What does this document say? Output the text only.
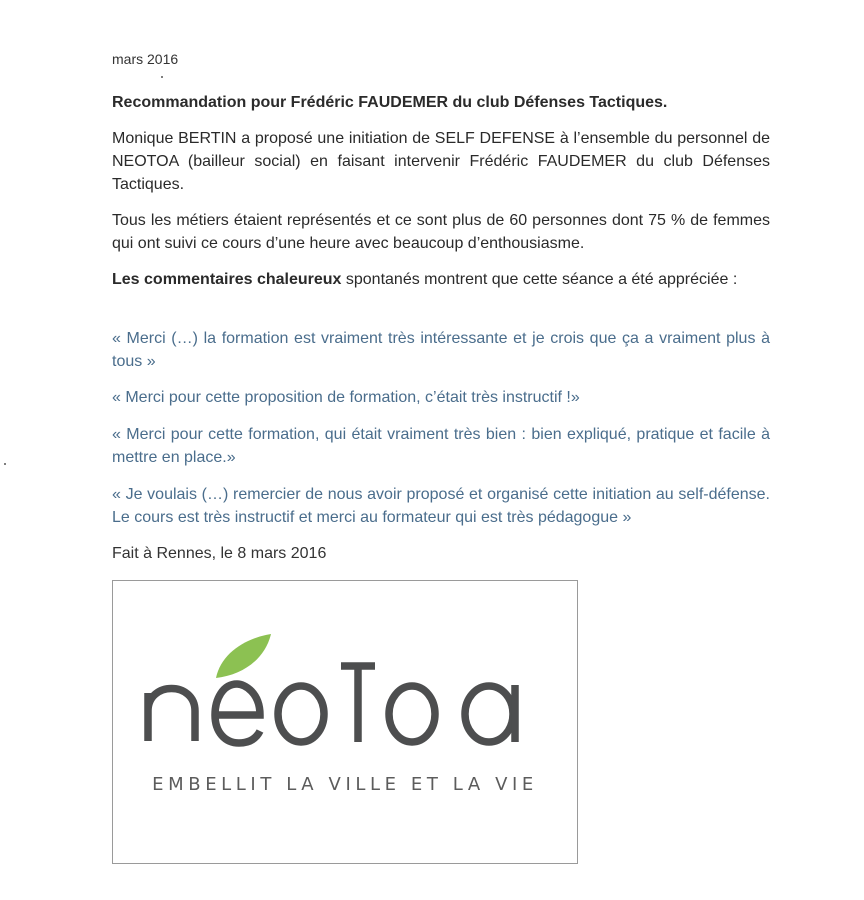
mars 2016

Recommandation pour Frédéric FAUDEMER du club Défenses Tactiques.

Monique BERTIN a proposé une initiation de SELF DEFENSE à l’ensemble du personnel de NEOTOA (bailleur social) en faisant intervenir Frédéric FAUDEMER du club Défenses Tactiques.

Tous les métiers étaient représentés et ce sont plus de 60 personnes dont 75 % de femmes qui ont suivi ce cours d’une heure avec beaucoup d’enthousiasme.

Les commentaires chaleureux spontanés montrent que cette séance a été appréciée :

« Merci (…) la formation est vraiment très intéressante et je crois que ça a vraiment plus à tous »

« Merci pour cette proposition de formation, c’était très instructif !»

« Merci pour cette formation, qui était vraiment très bien : bien expliqué, pratique et facile à mettre en place.»

« Je voulais (…) remercier de nous avoir proposé et organisé cette initiation au self-défense. Le cours est très instructif et merci au formateur qui est très pédagogue »

Fait à Rennes, le 8 mars 2016

EMBELLIT LA VILLE ET LA VIE
